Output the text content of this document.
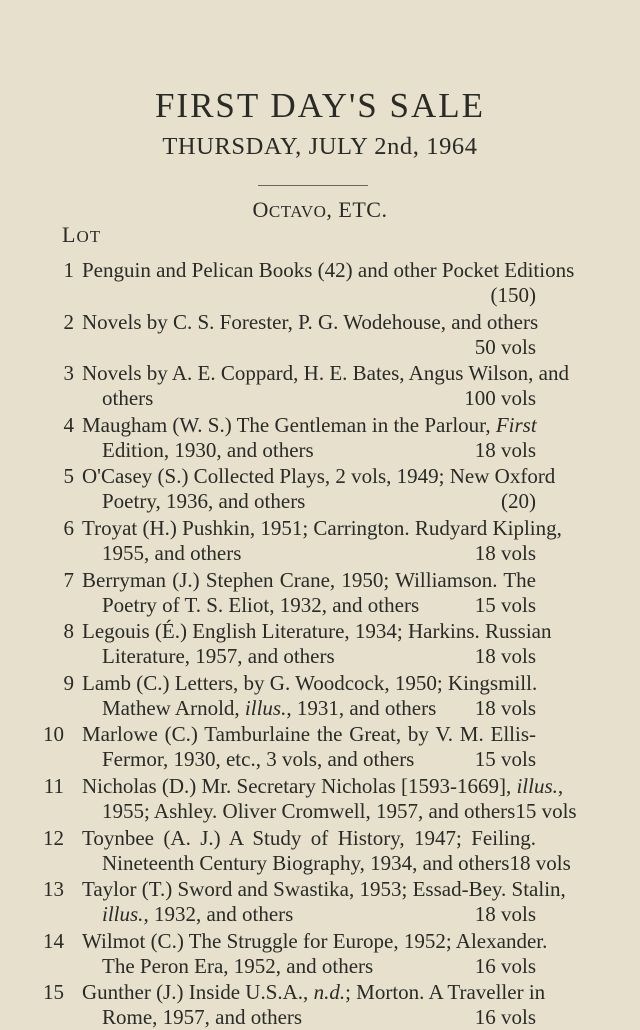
FIRST DAY'S SALE
THURSDAY, JULY 2nd, 1964
OCTAVO, ETC.
LOT
1 Penguin and Pelican Books (42) and other Pocket Editions
(150)
2 Novels by C. S. Forester, P. G. Wodehouse, and others
50 vols
3 Novels by A. E. Coppard, H. E. Bates, Angus Wilson, and
others	100 vols
4 Maugham (W. S.) The Gentleman in the Parlour, First
Edition, 1930, and others	18 vols
5 O'Casey (S.) Collected Plays, 2 vols, 1949; New Oxford
Poetry, 1936, and others	(20)
6 Troyat (H.) Pushkin, 1951; Carrington. Rudyard Kipling,
1955, and others	18 vols
7 Berryman (J.) Stephen Crane, 1950; Williamson. The
Poetry of T. S. Eliot, 1932, and others	15 vols
8 Legouis (É.) English Literature, 1934; Harkins. Russian
Literature, 1957, and others	18 vols
9 Lamb (C.) Letters, by G. Woodcock, 1950; Kingsmill.
Mathew Arnold, illus., 1931, and others 18 vols
10 Marlowe (C.) Tamburlaine the Great, by V. M. Ellis-
Fermor, 1930, etc., 3 vols, and others	15 vols
11 Nicholas (D.) Mr. Secretary Nicholas [1593-1669], illus.,
1955; Ashley. Oliver Cromwell, 1957, and others 15 vols
12 Toynbee (A. J.) A Study of History, 1947; Feiling.
Nineteenth Century Biography, 1934, and others 18 vols
13 Taylor (T.) Sword and Swastika, 1953; Essad-Bey. Stalin,
illus., 1932, and others	18 vols
14 Wilmot (C.) The Struggle for Europe, 1952; Alexander.
The Peron Era, 1952, and others	16 vols
15 Gunther (J.) Inside U.S.A., n.d.; Morton. A Traveller in
Rome, 1957, and others	16 vols
